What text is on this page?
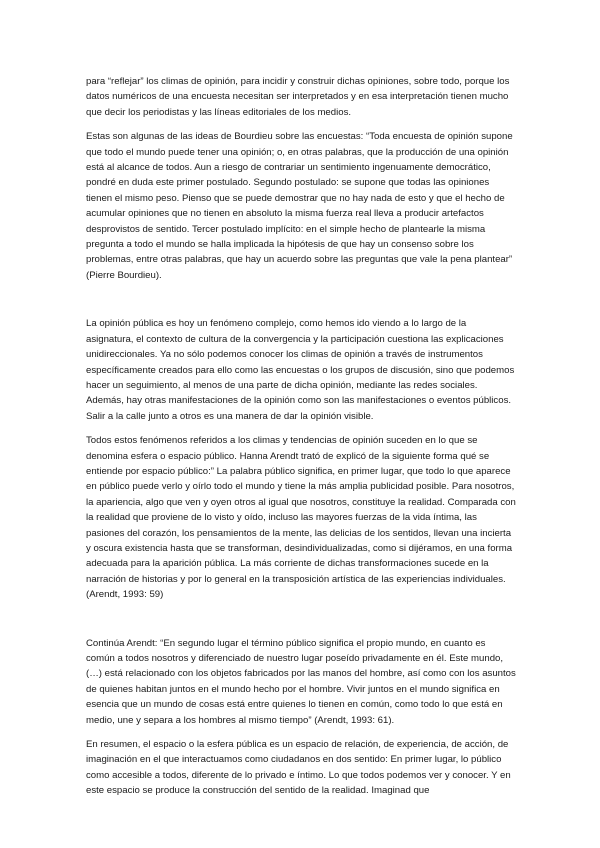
para “reflejar” los climas de opinión, para incidir y construir dichas opiniones, sobre todo, porque los datos numéricos de una encuesta necesitan ser interpretados y en esa interpretación tienen mucho que decir los periodistas y las líneas editoriales de los medios.

Estas son algunas de las ideas de Bourdieu sobre las encuestas: “Toda encuesta de opinión supone que todo el mundo puede tener una opinión; o, en otras palabras, que la producción de una opinión está al alcance de todos. Aun a riesgo de contrariar un sentimiento ingenuamente democrático, pondré en duda este primer postulado. Segundo postulado: se supone que todas las opiniones tienen el mismo peso. Pienso que se puede demostrar que no hay nada de esto y que el hecho de acumular opiniones que no tienen en absoluto la misma fuerza real lleva a producir artefactos desprovistos de sentido. Tercer postulado implícito: en el simple hecho de plantearle la misma pregunta a todo el mundo se halla implicada la hipótesis de que hay un consenso sobre los problemas, entre otras palabras, que hay un acuerdo sobre las preguntas que vale la pena plantear” (Pierre Bourdieu).

La opinión pública es hoy un fenómeno complejo, como hemos ido viendo a lo largo de la asignatura, el contexto de cultura de la convergencia y la participación cuestiona las explicaciones unidireccionales. Ya no sólo podemos conocer los climas de opinión a través de instrumentos específicamente creados para ello como las encuestas o los grupos de discusión, sino que podemos hacer un seguimiento, al menos de una parte de dicha opinión, mediante las redes sociales. Además, hay otras manifestaciones de la opinión como son las manifestaciones o eventos públicos. Salir a la calle junto a otros es una manera de dar la opinión visible.

Todos estos fenómenos referidos a los climas y tendencias de opinión suceden en lo que se denomina esfera o espacio público. Hanna Arendt trató de explicó de la siguiente forma qué se entiende por espacio público:” La palabra público significa, en primer lugar, que todo lo que aparece en público puede verlo y oírlo todo el mundo y tiene la más amplia publicidad posible. Para nosotros, la apariencia, algo que ven y oyen otros al igual que nosotros, constituye la realidad. Comparada con la realidad que proviene de lo visto y oído, incluso las mayores fuerzas de la vida íntima, las pasiones del corazón, los pensamientos de la mente, las delicias de los sentidos, llevan una incierta y oscura existencia hasta que se transforman, desindividualizadas, como si dijéramos, en una forma adecuada para la aparición pública. La más corriente de dichas transformaciones sucede en la narración de historias y por lo general en la transposición artística de las experiencias individuales. (Arendt, 1993: 59)

Continúa Arendt: “En segundo lugar el término público significa el propio mundo, en cuanto es común a todos nosotros y diferenciado de nuestro lugar poseído privadamente en él. Este mundo, (…) está relacionado con los objetos fabricados por las manos del hombre, así como con los asuntos de quienes habitan juntos en el mundo hecho por el hombre. Vivir juntos en el mundo significa en esencia que un mundo de cosas está entre quienes lo tienen en común, como todo lo que está en medio, une y separa a los hombres al mismo tiempo” (Arendt, 1993: 61).

En resumen, el espacio o la esfera pública es un espacio de relación, de experiencia, de acción, de imaginación en el que interactuamos como ciudadanos en dos sentido: En primer lugar, lo público como accesible a todos, diferente de lo privado e íntimo. Lo que todos podemos ver y conocer. Y en este espacio se produce la construcción del sentido de la realidad. Imaginad que
